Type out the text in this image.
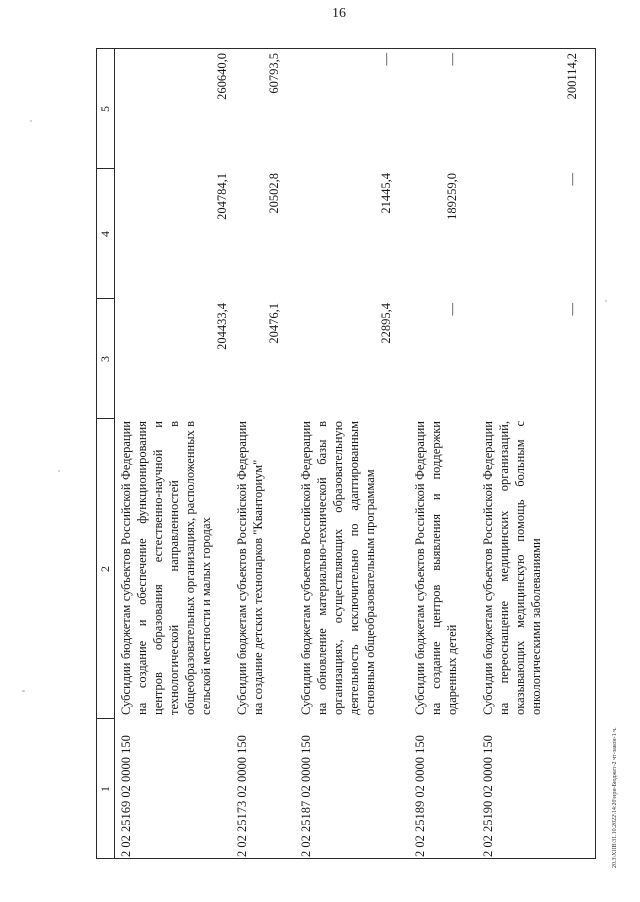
16
20.3\XIIВ\31.10.2022\14:20\нри-Бюджет-2 чт-закон-1 ч.
1
2
3
4
5
2 02 25169 02 0000 150
Субсидии бюджетам субъектов Российской Федерации на создание и обеспечение функционирования центров образования естественно-научной и технологической направленностей в общеобразовательных организациях, расположенных в сельской местности и малых городах
204433,4
204784,1
260640,0
2 02 25173 02 0000 150
Субсидии бюджетам субъектов Российской Федерации на создание детских технопарков "Кванториум"
20476,1
20502,8
60793,5
2 02 25187 02 0000 150
Субсидии бюджетам субъектов Российской Федерации на обновление материально-технической базы в организациях, осуществляющих образовательную деятельность исключительно по адаптированным основным общеобразовательным программам
22895,4
21445,4
—
2 02 25189 02 0000 150
Субсидии бюджетам субъектов Российской Федерации на создание центров выявления и поддержки одаренных детей
—
189259,0
—
2 02 25190 02 0000 150
Субсидии бюджетам субъектов Российской Федерации на переоснащение медицинских организаций, оказывающих медицинскую помощь больным с онкологическими заболеваниями
—
—
200114,2
